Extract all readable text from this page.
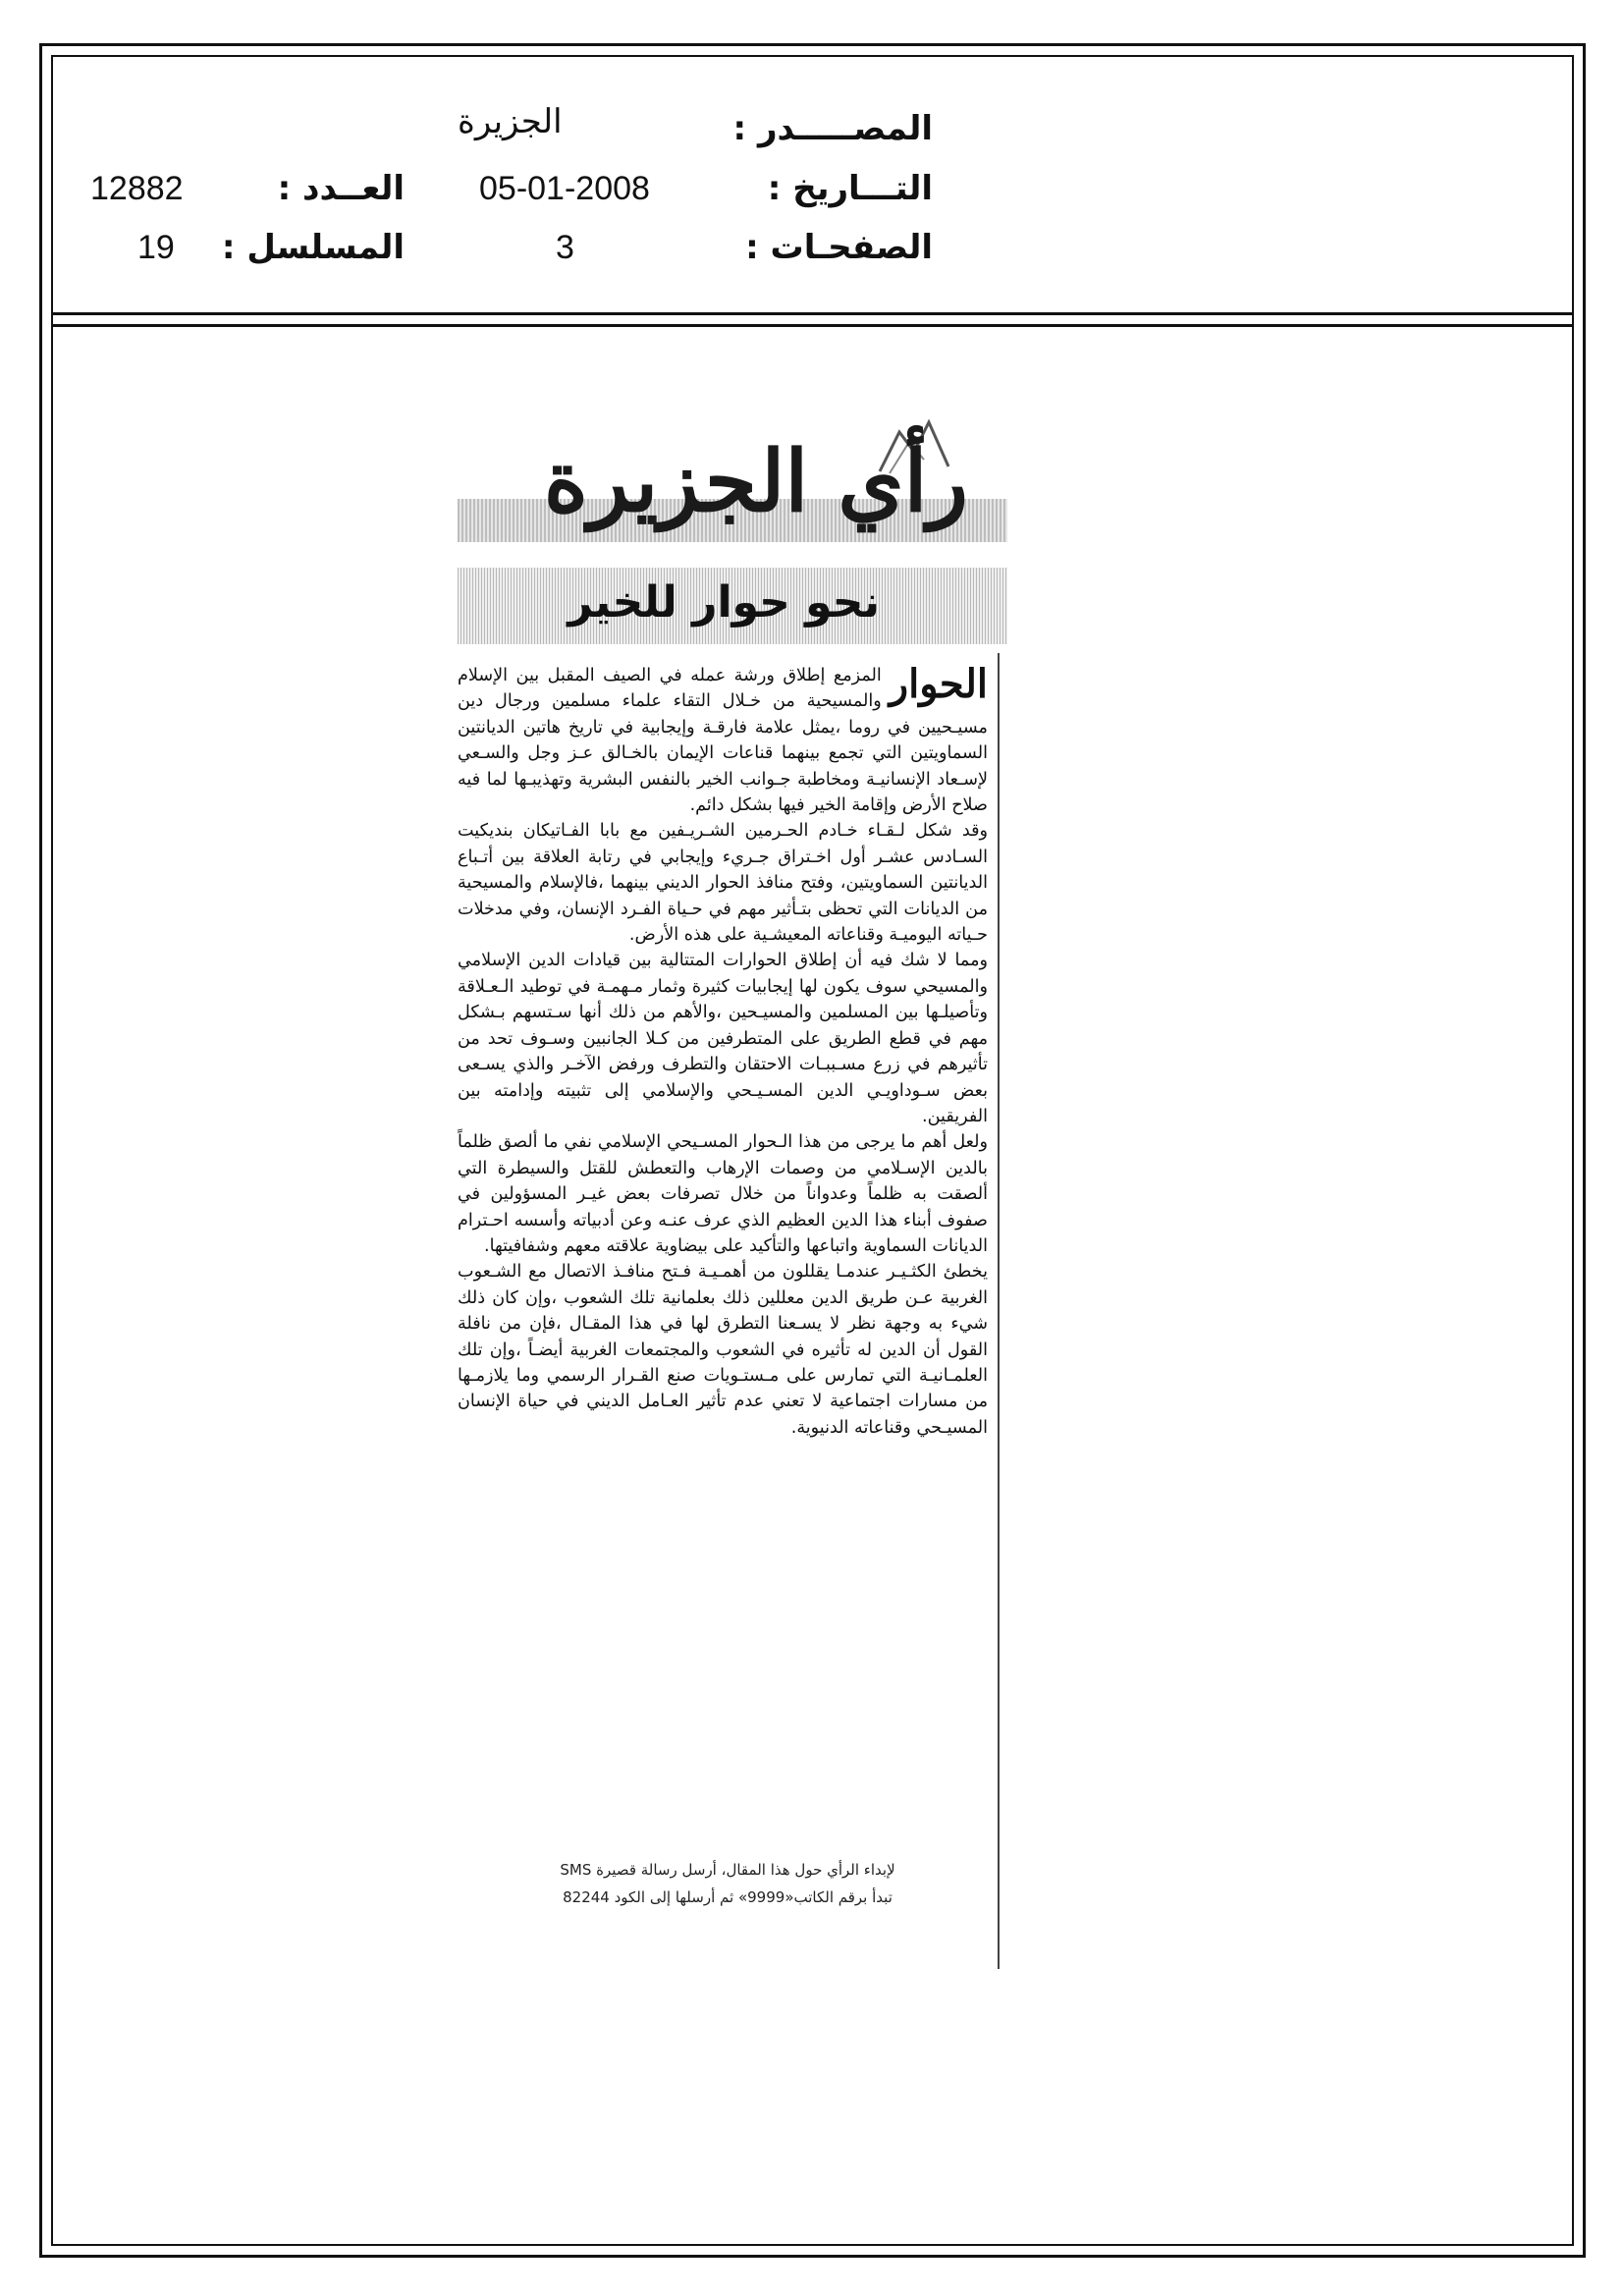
الجزيرة	المصـــــدر :
05-01-2008	التـــاريخ :
12882	العــدد :
3	الصفحـات :
19 المسلسل :
رأي الجزيرة
نحو حوار للخير

الحوار
المزمع إطلاق ورشة عمله في الصيف المقبل بين الإسلام والمسيحية من خـلال التقاء علماء مسلمين ورجال دين مسيـحيين في روما ،يمثل علامة فارقـة وإيجابية في تاريخ هاتين الديانتين السماويتين التي تجمع بينهما قناعات الإيمان بالخـالق عـز وجل والسـعي لإسـعاد الإنسانيـة ومخاطبة جـوانب الخير بالنفس البشرية وتهذيبـها لما فيه صلاح الأرض وإقامة الخير فيها بشكل دائم.

وقد شكل لـقـاء خـادم الحـرمين الشـريـفين مع بابا الفـاتيكان بنديكيت السـادس عشـر أول اخـتراق جـريء وإيجابي في رتابة العلاقة بين أتـباع الديانتين السماويتين، وفتح منافذ الحوار الديني بينهما ،فالإسلام والمسيحية من الديانات التي تحظى بتـأثير مهم في حـياة الفـرد الإنسان، وفي مدخلات حـياته اليوميـة وقناعاته المعيشـية على هذه الأرض.

ومما لا شك فيه أن إطلاق الحوارات المتتالية بين قيادات الدين الإسلامي والمسيحي سوف يكون لها إيجابيات كثيرة وثمار مـهمـة في توطيد الـعـلاقة وتأصيلـها بين المسلمين والمسيـحين ،والأهم من ذلك أنها سـتسهم بـشكل مهم في قطع الطريق على المتطرفين من كـلا الجانبين وسـوف تحد من تأثيرهم في زرع مسـببـات الاحتقان والتطرف ورفض الآخـر والذي يسـعى بعض سـوداويـي الدين المسـيـحي والإسلامي إلى تثبيته وإدامته بين الفريقين.

ولعل أهم ما يرجى من هذا الـحوار المسـيحي الإسلامي نفي ما ألصق ظلماً بالدين الإسـلامي من وصمات الإرهاب والتعطش للقتل والسيطرة التي ألصقت به ظلماً وعدواناً من خلال تصرفات بعض غيـر المسؤولين في صفوف أبناء هذا الدين العظيم الذي عرف عنـه وعن أدبياته وأسسه احـترام الديانات السماوية واتباعها والتأكيد على بيضاوية علاقته معهم وشفافيتها.

يخطئ الكثـيـر عندمـا يقللون من أهمـيـة فـتح منافـذ الاتصال مع الشـعوب الغربية عـن طريق الدين معللين ذلك بعلمانية تلك الشعوب ،وإن كان ذلك شيء به وجهة نظر لا يسـعنا التطرق لها في هذا المقـال ،فإن من نافلة القول أن الدين له تأثيره في الشعوب والمجتمعات الغربية أيضـاً ،وإن تلك العلمـانيـة التي تمارس على مـستـويات صنع القـرار الرسمي وما يلازمـها من مسارات اجتماعية لا تعني عدم تأثير العـامل الديني في حياة الإنسان المسيـحي وقناعاته الدنيوية.

لإبداء الرأي حول هذا المقال، أرسل رسالة قصيرة SMS
تبدأ برقم الكاتب«9999» ثم أرسلها إلى الكود 82244
